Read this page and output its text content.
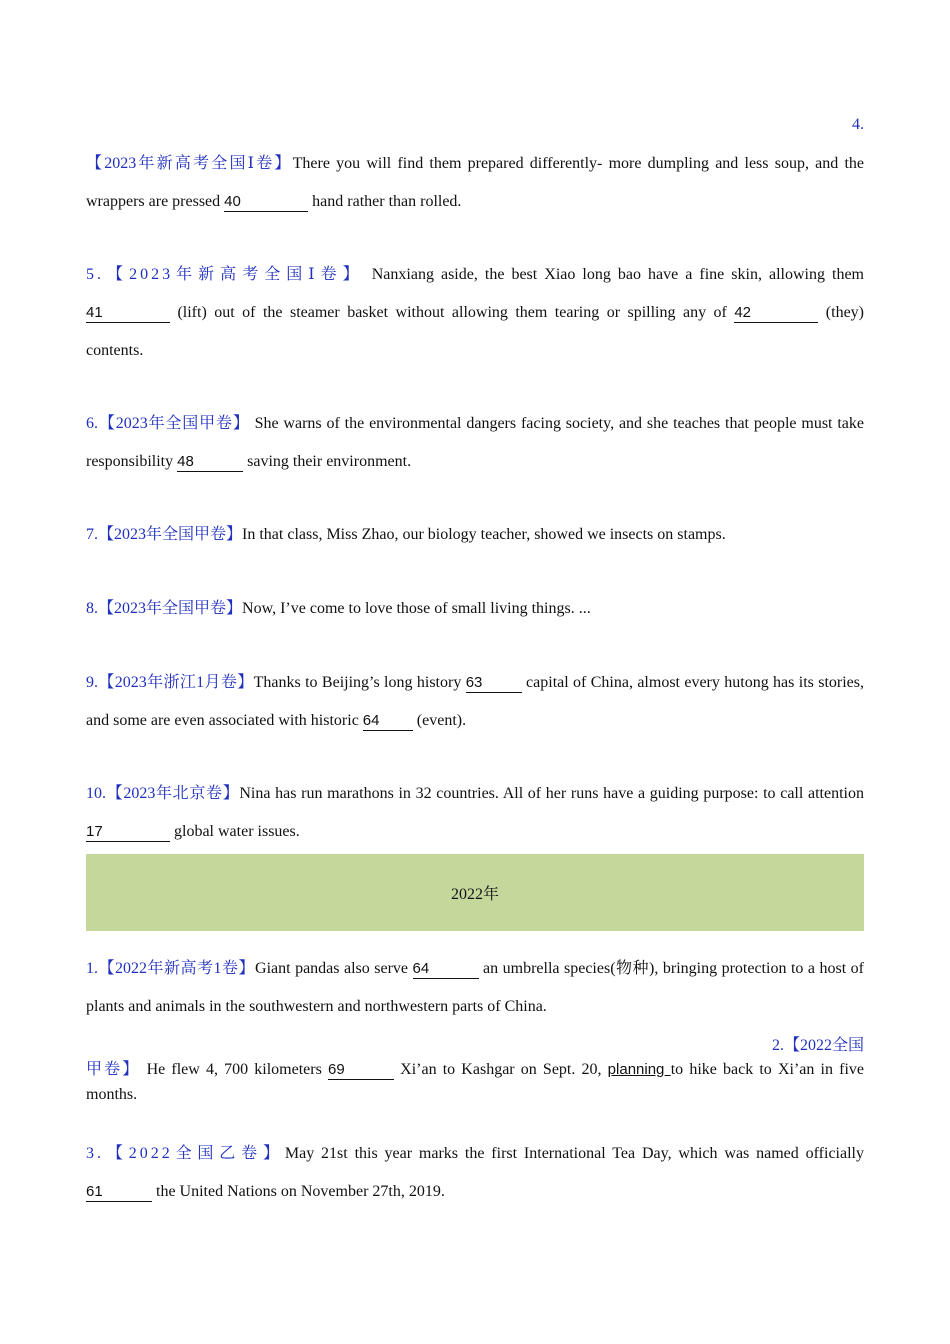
4.
【2023年新高考全国Ⅰ卷】There you will find them prepared differently- more dumpling and less soup, and the wrappers are pressed 40	hand rather than rolled.
5.【2023年新高考全国Ⅰ卷】 Nanxiang aside, the best Xiao long bao have a fine skin, allowing them 41	(lift) out of the steamer basket without allowing them tearing or spilling any of 42	(they) contents.
6.【2023年全国甲卷】 She warns of the environmental dangers facing society, and she teaches that people must take responsibility 48	saving their environment.
7.【2023年全国甲卷】In that class, Miss Zhao, our biology teacher, showed we insects on stamps.
8.【2023年全国甲卷】Now, I’ve come to love those of small living things. ...
9.【2023年浙江1月卷】Thanks to Beijing’s long history 63 capital of China, almost every hutong has its stories, and some are even associated with historic 64 (event).
10.【2023年北京卷】Nina has run marathons in 32 countries. All of her runs have a guiding purpose: to call attention 17	global water issues.
2022年
1.【2022年新高考1卷】Giant pandas also serve 64	an umbrella species(物种), bringing protection to a host of plants and animals in the southwestern and northwestern parts of China.
2.【2022全国
甲卷】 He flew 4, 700 kilometers 69	Xi’an to Kashgar on Sept. 20, planning to hike back to Xi’an in five months.
3.【2022全国乙卷】May 21st this year marks the first International Tea Day, which was named officially 61	the United Nations on November 27th, 2019.
